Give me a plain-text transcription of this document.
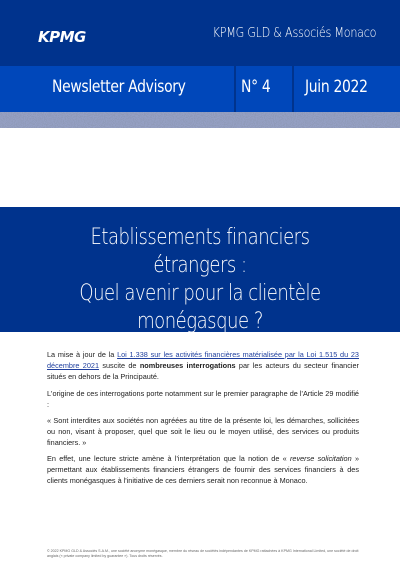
KPMG	KPMG GLD & Associés Monaco
Newsletter Advisory	N° 4 Juin 2022
Etablissements financiers étrangers :
Quel avenir pour la clientèle
monégasque ?

La mise à jour de la Loi 1.338 sur les activités financières matérialisée par la Loi 1.515 du 23 décembre 2021 suscite de nombreuses interrogations par les acteurs du secteur financier situés en dehors de la Principauté.

L'origine de ces interrogations porte notamment sur le premier paragraphe de l'Article 29 modifié :

« Sont interdites aux sociétés non agréées au titre de la présente loi, les démarches, sollicitées ou non, visant à proposer, quel que soit le lieu ou le moyen utilisé, des services ou produits financiers. »

En effet, une lecture stricte amène à l'interprétation que la notion de « reverse solicitation » permettant aux établissements financiers étrangers de fournir des services financiers à des clients monégasques à l'initiative de ces derniers serait non reconnue à Monaco.

© 2022 KPMG GLD & Associés S.A.M., une société anonyme monégasque, membre du réseau de sociétés indépendantes de KPMG rattachées à KPMG International Limited, une société de droit anglais (« private company limited by guarantee »). Tous droits réservés.
